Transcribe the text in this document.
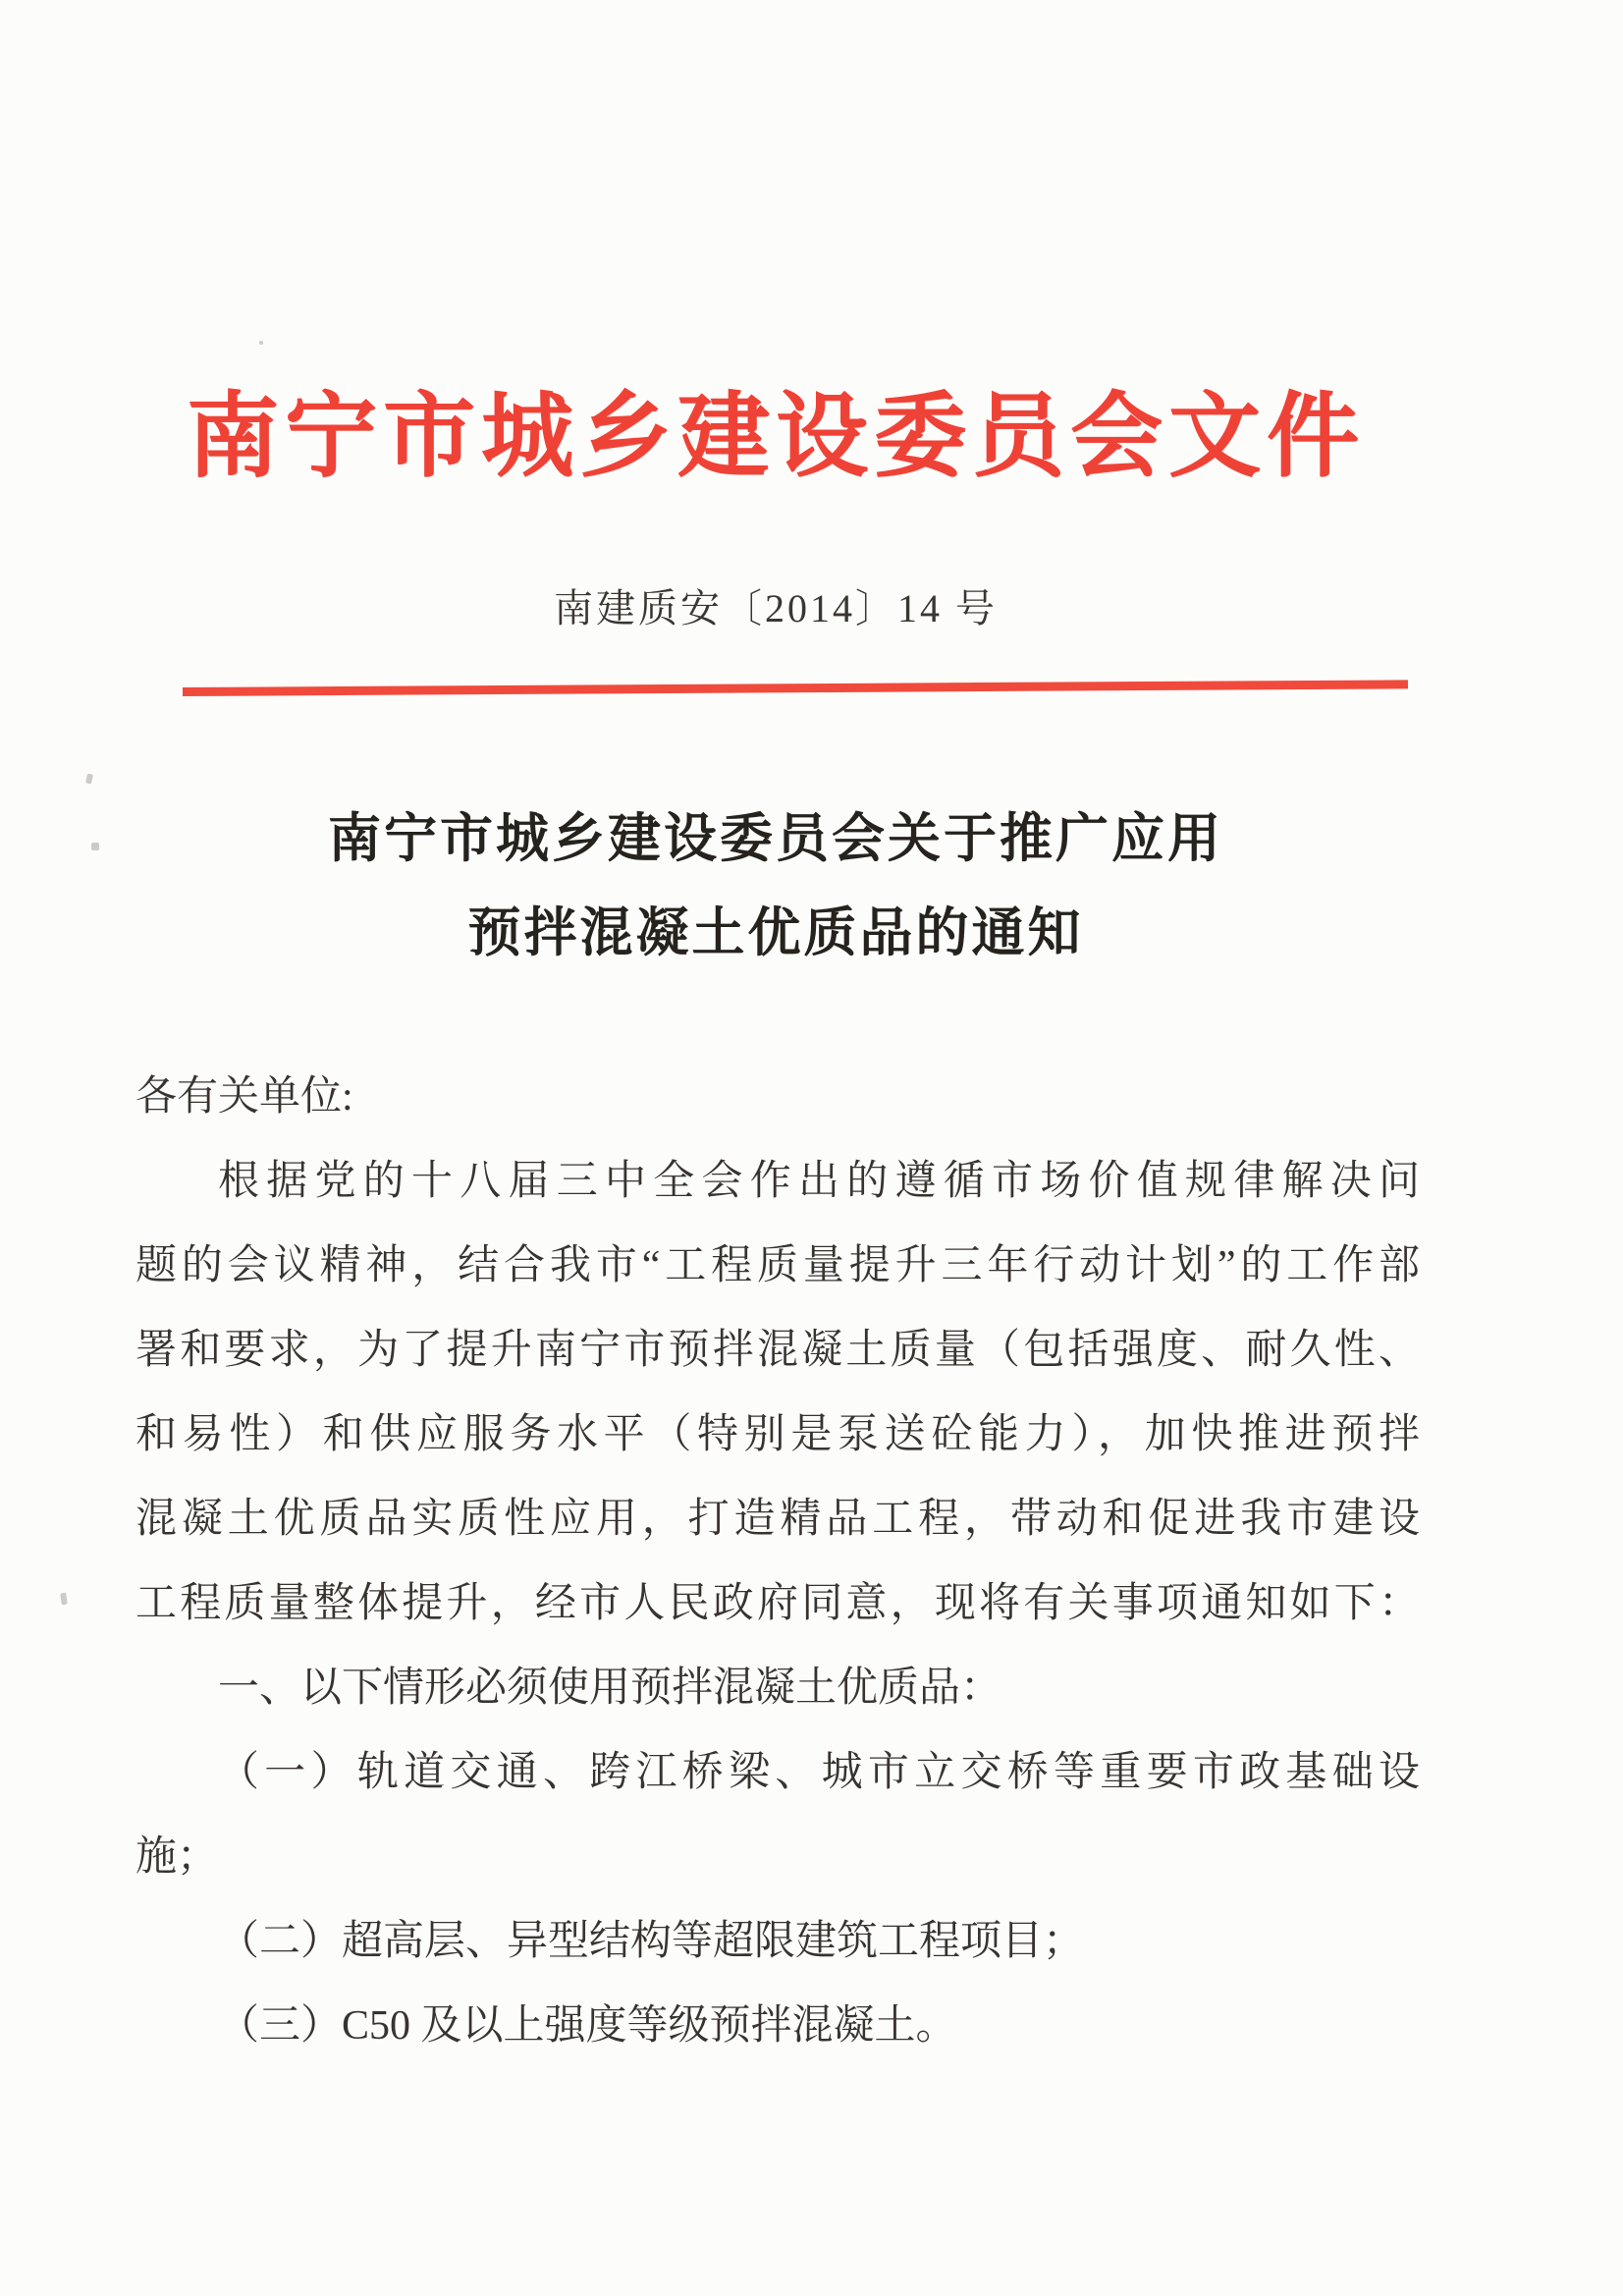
南宁市城乡建设委员会文件
南建质安〔2014〕14 号
南宁市城乡建设委员会关于推广应用
预拌混凝土优质品的通知
各有关单位:
根据党的十八届三中全会作出的遵循市场价值规律解决问
题的会议精神，结合我市“工程质量提升三年行动计划”的工作部
署和要求，为了提升南宁市预拌混凝土质量（包括强度、耐久性、
和易性）和供应服务水平（特别是泵送砼能力），加快推进预拌
混凝土优质品实质性应用，打造精品工程，带动和促进我市建设
工程质量整体提升，经市人民政府同意，现将有关事项通知如下：
一、以下情形必须使用预拌混凝土优质品：
（一）轨道交通、跨江桥梁、城市立交桥等重要市政基础设
施；
（二）超高层、异型结构等超限建筑工程项目；
（三）C50 及以上强度等级预拌混凝土。
